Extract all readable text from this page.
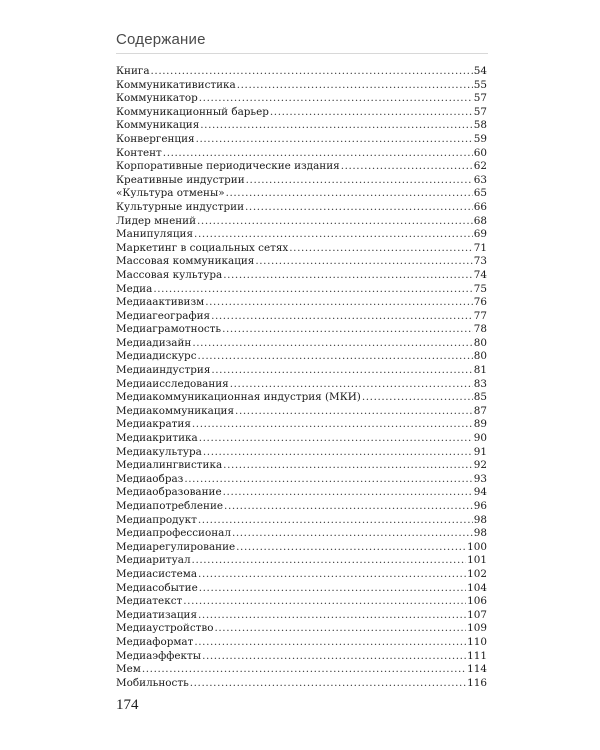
Содержание
Книга .....	54
Коммуникативистика .....	55
Коммуникатор .....	57
Коммуникационный барьер .....	57
Коммуникация .....	58
Конвергенция .....	59
Контент .....	60
Корпоративные периодические издания .....	62
Креативные индустрии .....	63
«Культура отмены» .....	65
Культурные индустрии .....	66
Лидер мнений .....	68
Манипуляция .....	69
Маркетинг в социальных сетях .....	71
Массовая коммуникация .....	73
Массовая культура .....	74
Медиа .....	75
Медиаактивизм .....	76
Медиагеография .....	77
Медиаграмотность .....	78
Медиадизайн .....	80
Медиадискурс .....	80
Медиаиндустрия .....	81
Медиаисследования .....	83
Медиакоммуникационная индустрия (МКИ) .....	85
Медиакоммуникация .....	87
Медиакратия .....	89
Медиакритика .....	90
Медиакультура .....	91
Медиалингвистика .....	92
Медиаобраз .....	93
Медиаобразование .....	94
Медиапотребление .....	96
Медиапродукт .....	98
Медиапрофессионал .....	98
Медиарегулирование .....	100
Медиаритуал .....	101
Медиасистема .....	102
Медиасобытие .....	104
Медиатекст .....	106
Медиатизация .....	107
Медиаустройство .....	109
Медиаформат .....	110
Медиаэффекты .....	111
Мем .....	114
Мобильность .....	116
174
